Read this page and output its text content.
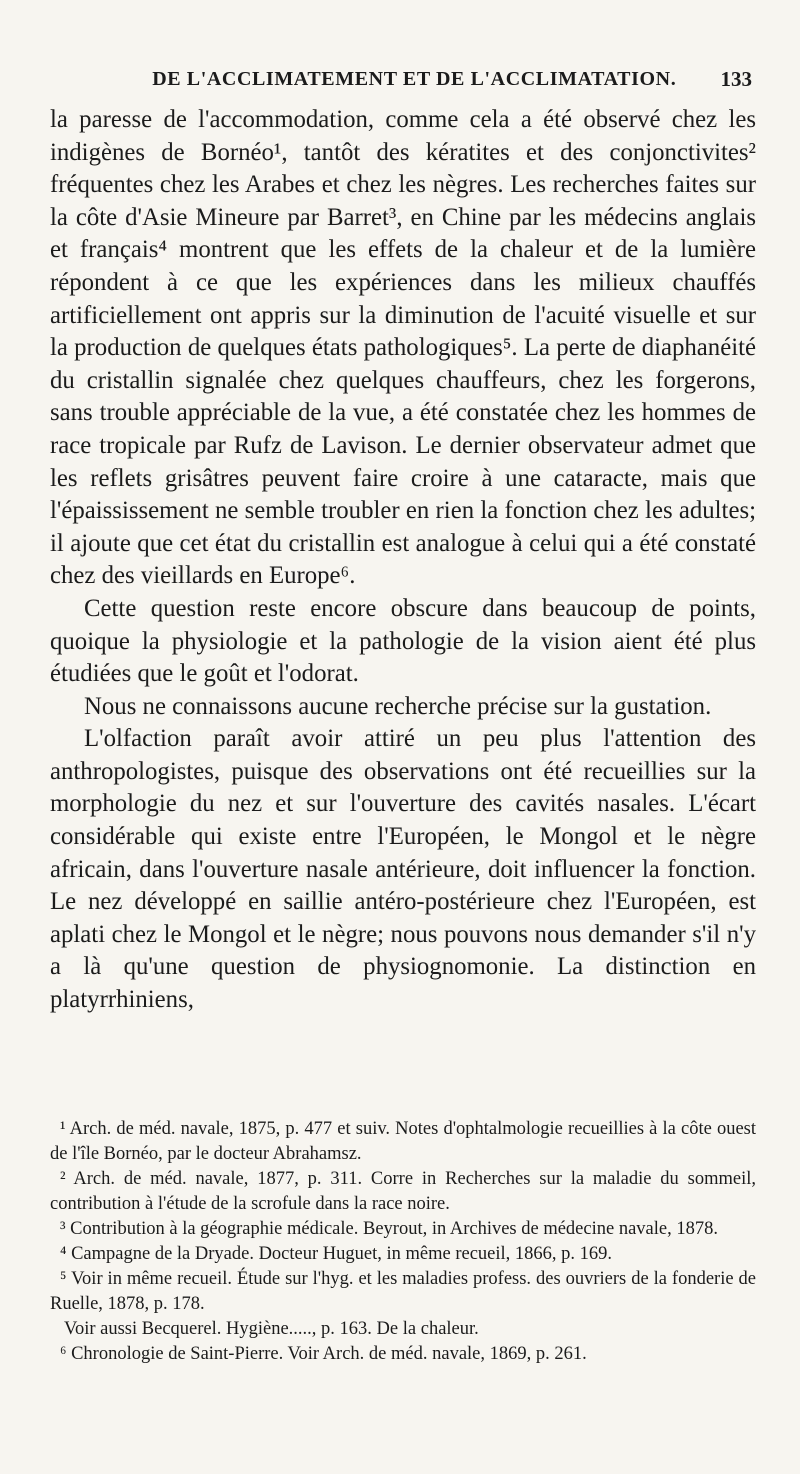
DE L'ACCLIMATEMENT ET DE L'ACCLIMATATION.	133

la paresse de l'accommodation, comme cela a été observé chez les indigènes de Bornéo¹, tantôt des kératites et des conjonctivites² fréquentes chez les Arabes et chez les nègres. Les recherches faites sur la côte d'Asie Mineure par Barret³, en Chine par les médecins anglais et français⁴ montrent que les effets de la chaleur et de la lumière répondent à ce que les expériences dans les milieux chauffés artificiellement ont appris sur la diminution de l'acuité visuelle et sur la production de quelques états pathologiques⁵. La perte de diaphanéité du cristallin signalée chez quelques chauffeurs, chez les forgerons, sans trouble appréciable de la vue, a été constatée chez les hommes de race tropicale par Rufz de Lavison. Le dernier observateur admet que les reflets grisâtres peuvent faire croire à une cataracte, mais que l'épaississement ne semble troubler en rien la fonction chez les adultes; il ajoute que cet état du cristallin est analogue à celui qui a été constaté chez des vieillards en Europe⁶.

Cette question reste encore obscure dans beaucoup de points, quoique la physiologie et la pathologie de la vision aient été plus étudiées que le goût et l'odorat.

Nous ne connaissons aucune recherche précise sur la gustation.

L'olfaction paraît avoir attiré un peu plus l'attention des anthropologistes, puisque des observations ont été recueillies sur la morphologie du nez et sur l'ouverture des cavités nasales. L'écart considérable qui existe entre l'Européen, le Mongol et le nègre africain, dans l'ouverture nasale antérieure, doit influencer la fonction. Le nez développé en saillie antéro-postérieure chez l'Européen, est aplati chez le Mongol et le nègre; nous pouvons nous demander s'il n'y a là qu'une question de physiognomonie. La distinction en platyrrhiniens,

¹ Arch. de méd. navale, 1875, p. 477 et suiv. Notes d'ophtalmologie recueillies à la côte ouest de l'île Bornéo, par le docteur Abrahamsz.

² Arch. de méd. navale, 1877, p. 311. Corre in Recherches sur la maladie du sommeil, contribution à l'étude de la scrofule dans la race noire.

³ Contribution à la géographie médicale. Beyrout, in Archives de médecine navale, 1878.

⁴ Campagne de la Dryade. Docteur Huguet, in même recueil, 1866, p. 169.

⁵ Voir in même recueil. Étude sur l'hyg. et les maladies profess. des ouvriers de la fonderie de Ruelle, 1878, p. 178.

Voir aussi Becquerel. Hygiène....., p. 163. De la chaleur.

⁶ Chronologie de Saint-Pierre. Voir Arch. de méd. navale, 1869, p. 261.
